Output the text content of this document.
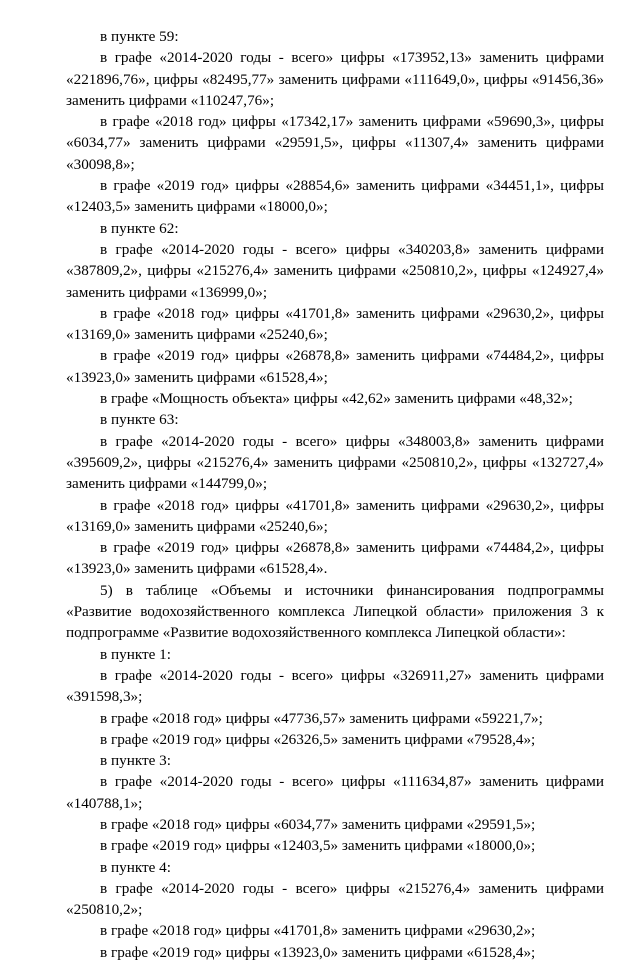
в пункте 59:

в графе «2014-2020 годы - всего» цифры «173952,13» заменить цифрами «221896,76», цифры «82495,77» заменить цифрами «111649,0», цифры «91456,36» заменить цифрами «110247,76»;

в графе «2018 год» цифры «17342,17» заменить цифрами «59690,3», цифры «6034,77» заменить цифрами «29591,5», цифры «11307,4» заменить цифрами «30098,8»;

в графе «2019 год» цифры «28854,6» заменить цифрами «34451,1», цифры «12403,5» заменить цифрами «18000,0»;

в пункте 62:

в графе «2014-2020 годы - всего» цифры «340203,8» заменить цифрами «387809,2», цифры «215276,4» заменить цифрами «250810,2», цифры «124927,4» заменить цифрами «136999,0»;

в графе «2018 год» цифры «41701,8» заменить цифрами «29630,2», цифры «13169,0» заменить цифрами «25240,6»;

в графе «2019 год» цифры «26878,8» заменить цифрами «74484,2», цифры «13923,0» заменить цифрами «61528,4»;

в графе «Мощность объекта» цифры «42,62» заменить цифрами «48,32»;

в пункте 63:

в графе «2014-2020 годы - всего» цифры «348003,8» заменить цифрами «395609,2», цифры «215276,4» заменить цифрами «250810,2», цифры «132727,4» заменить цифрами «144799,0»;

в графе «2018 год» цифры «41701,8» заменить цифрами «29630,2», цифры «13169,0» заменить цифрами «25240,6»;

в графе «2019 год» цифры «26878,8» заменить цифрами «74484,2», цифры «13923,0» заменить цифрами «61528,4».

5) в таблице «Объемы и источники финансирования подпрограммы «Развитие водохозяйственного комплекса Липецкой области» приложения 3 к подпрограмме «Развитие водохозяйственного комплекса Липецкой области»:

в пункте 1:

в графе «2014-2020 годы - всего» цифры «326911,27» заменить цифрами «391598,3»;

в графе «2018 год» цифры «47736,57» заменить цифрами «59221,7»;

в графе «2019 год» цифры «26326,5» заменить цифрами «79528,4»;

в пункте 3:

в графе «2014-2020 годы - всего» цифры «111634,87» заменить цифрами «140788,1»;

в графе «2018 год» цифры «6034,77» заменить цифрами «29591,5»;

в графе «2019 год» цифры «12403,5» заменить цифрами «18000,0»;

в пункте 4:

в графе «2014-2020 годы - всего» цифры «215276,4» заменить цифрами «250810,2»;

в графе «2018 год» цифры «41701,8» заменить цифрами «29630,2»;

в графе «2019 год» цифры «13923,0» заменить цифрами «61528,4»;
